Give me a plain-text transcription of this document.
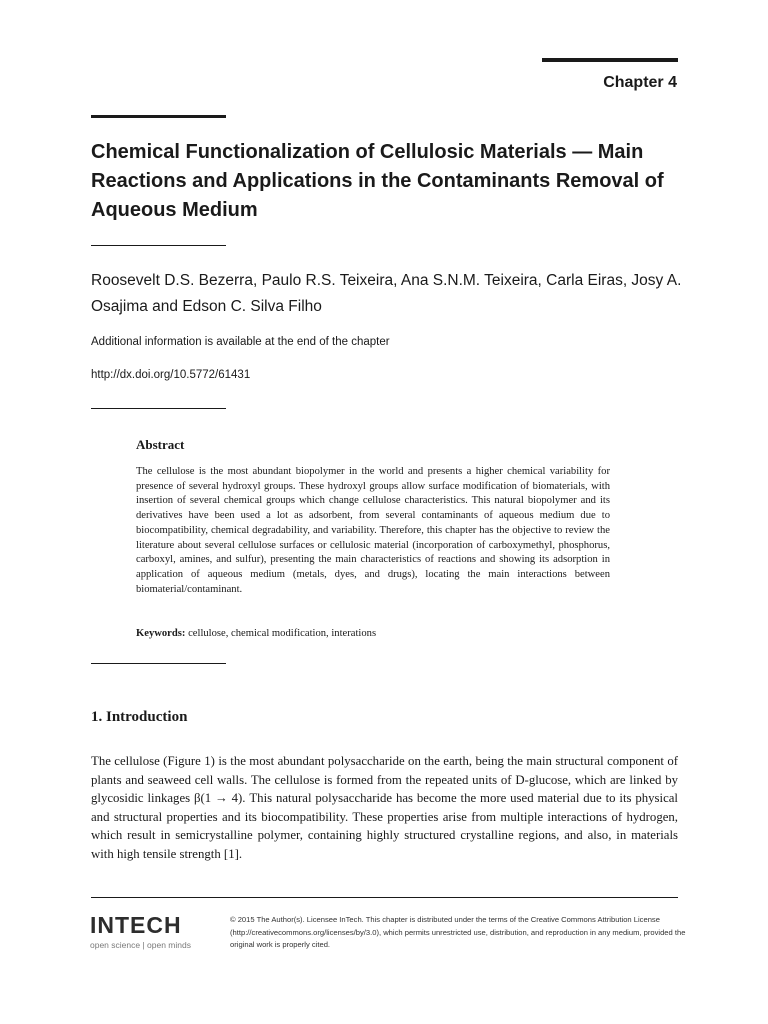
Chapter 4
Chemical Functionalization of Cellulosic Materials — Main Reactions and Applications in the Contaminants Removal of Aqueous Medium
Roosevelt D.S. Bezerra, Paulo R.S. Teixeira, Ana S.N.M. Teixeira, Carla Eiras, Josy A. Osajima and Edson C. Silva Filho
Additional information is available at the end of the chapter
http://dx.doi.org/10.5772/61431
Abstract
The cellulose is the most abundant biopolymer in the world and presents a higher chemical variability for presence of several hydroxyl groups. These hydroxyl groups allow surface modification of biomaterials, with insertion of several chemical groups which change cellulose characteristics. This natural biopolymer and its derivatives have been used a lot as adsorbent, from several contaminants of aqueous medium due to biocompatibility, chemical degradability, and variability. Therefore, this chapter has the objective to review the literature about several cellulose surfaces or cellulosic material (incorporation of carboxymethyl, phosphorus, carboxyl, amines, and sulfur), presenting the main characteristics of reactions and showing its adsorption in application of aqueous medium (metals, dyes, and drugs), locating the main interactions between biomaterial/contaminant.
Keywords: cellulose, chemical modification, interations
1. Introduction
The cellulose (Figure 1) is the most abundant polysaccharide on the earth, being the main structural component of plants and seaweed cell walls. The cellulose is formed from the repeated units of D-glucose, which are linked by glycosidic linkages β(1 → 4). This natural polysaccharide has become the more used material due to its physical and structural properties and its biocompatibility. These properties arise from multiple interactions of hydrogen, which result in semicrystalline polymer, containing highly structured crystalline regions, and also, in materials with high tensile strength [1].
INTECH
open science | open minds
© 2015 The Author(s). Licensee InTech. This chapter is distributed under the terms of the Creative Commons Attribution License (http://creativecommons.org/licenses/by/3.0), which permits unrestricted use, distribution, and reproduction in any medium, provided the original work is properly cited.
